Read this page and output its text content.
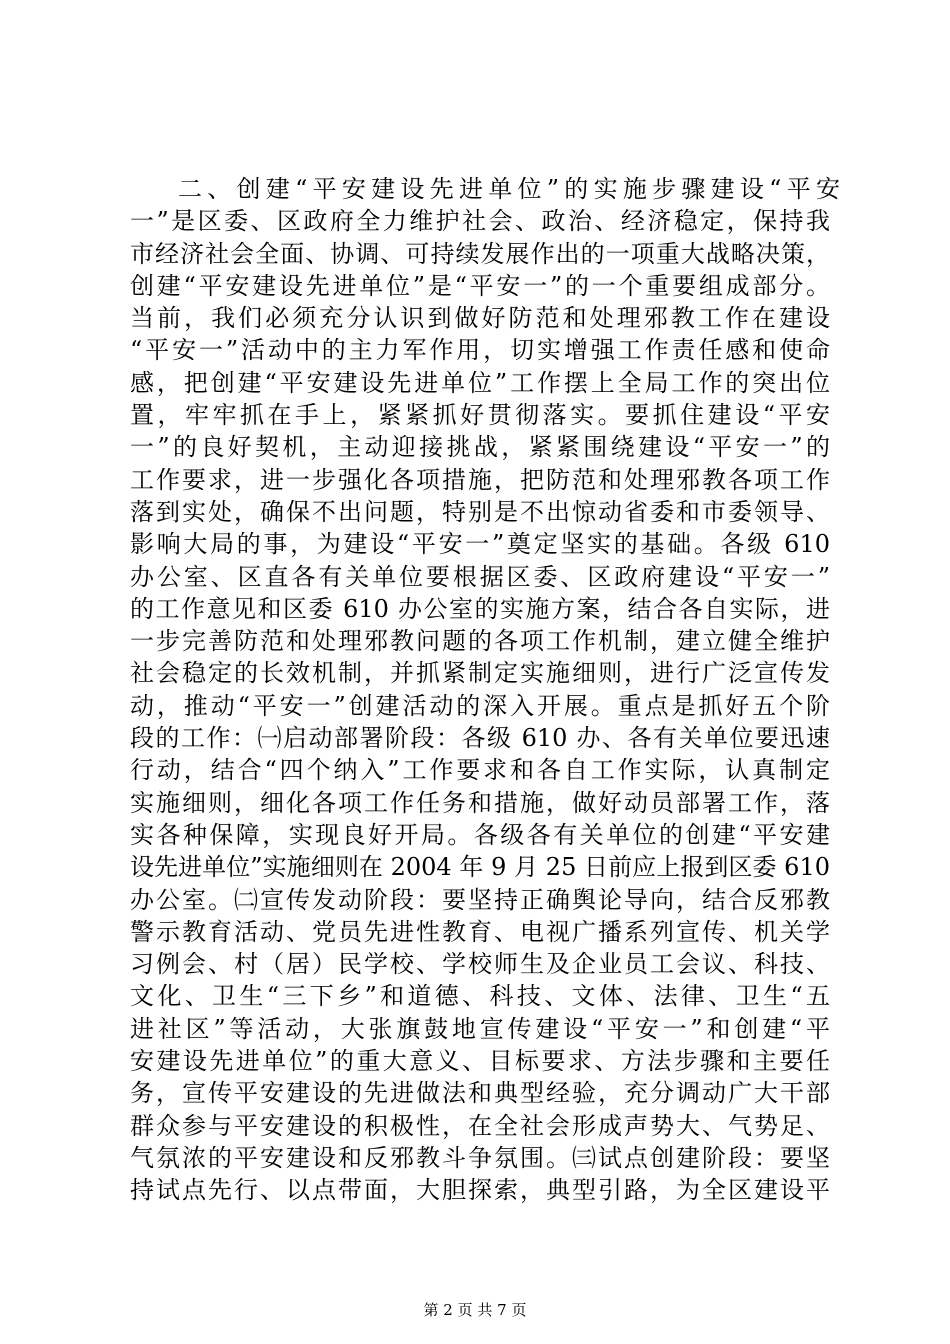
二、创建“平安建设先进单位”的实施步骤建设“平安
一”是区委、区政府全力维护社会、政治、经济稳定，保持我
市经济社会全面、协调、可持续发展作出的一项重大战略决策，
创建“平安建设先进单位”是“平安一”的一个重要组成部分。
当前，我们必须充分认识到做好防范和处理邪教工作在建设
“平安一”活动中的主力军作用，切实增强工作责任感和使命
感，把创建“平安建设先进单位”工作摆上全局工作的突出位
置，牢牢抓在手上，紧紧抓好贯彻落实。要抓住建设“平安
一”的良好契机，主动迎接挑战，紧紧围绕建设“平安一”的
工作要求，进一步强化各项措施，把防范和处理邪教各项工作
落到实处，确保不出问题，特别是不出惊动省委和市委领导、
影响大局的事，为建设“平安一”奠定坚实的基础。各级 610
办公室、区直各有关单位要根据区委、区政府建设“平安一”
的工作意见和区委 610 办公室的实施方案，结合各自实际，进
一步完善防范和处理邪教问题的各项工作机制，建立健全维护
社会稳定的长效机制，并抓紧制定实施细则，进行广泛宣传发
动，推动“平安一”创建活动的深入开展。重点是抓好五个阶
段的工作：㈠启动部署阶段：各级 610 办、各有关单位要迅速
行动，结合“四个纳入”工作要求和各自工作实际，认真制定
实施细则，细化各项工作任务和措施，做好动员部署工作，落
实各种保障，实现良好开局。各级各有关单位的创建“平安建
设先进单位”实施细则在 2004 年 9 月 25 日前应上报到区委 610
办公室。㈡宣传发动阶段：要坚持正确舆论导向，结合反邪教
警示教育活动、党员先进性教育、电视广播系列宣传、机关学
习例会、村（居）民学校、学校师生及企业员工会议、科技、
文化、卫生“三下乡”和道德、科技、文体、法律、卫生“五
进社区”等活动，大张旗鼓地宣传建设“平安一”和创建“平
安建设先进单位”的重大意义、目标要求、方法步骤和主要任
务，宣传平安建设的先进做法和典型经验，充分调动广大干部
群众参与平安建设的积极性，在全社会形成声势大、气势足、
气氛浓的平安建设和反邪教斗争氛围。㈢试点创建阶段：要坚
持试点先行、以点带面，大胆探索，典型引路，为全区建设平
第 2 页 共 7 页
